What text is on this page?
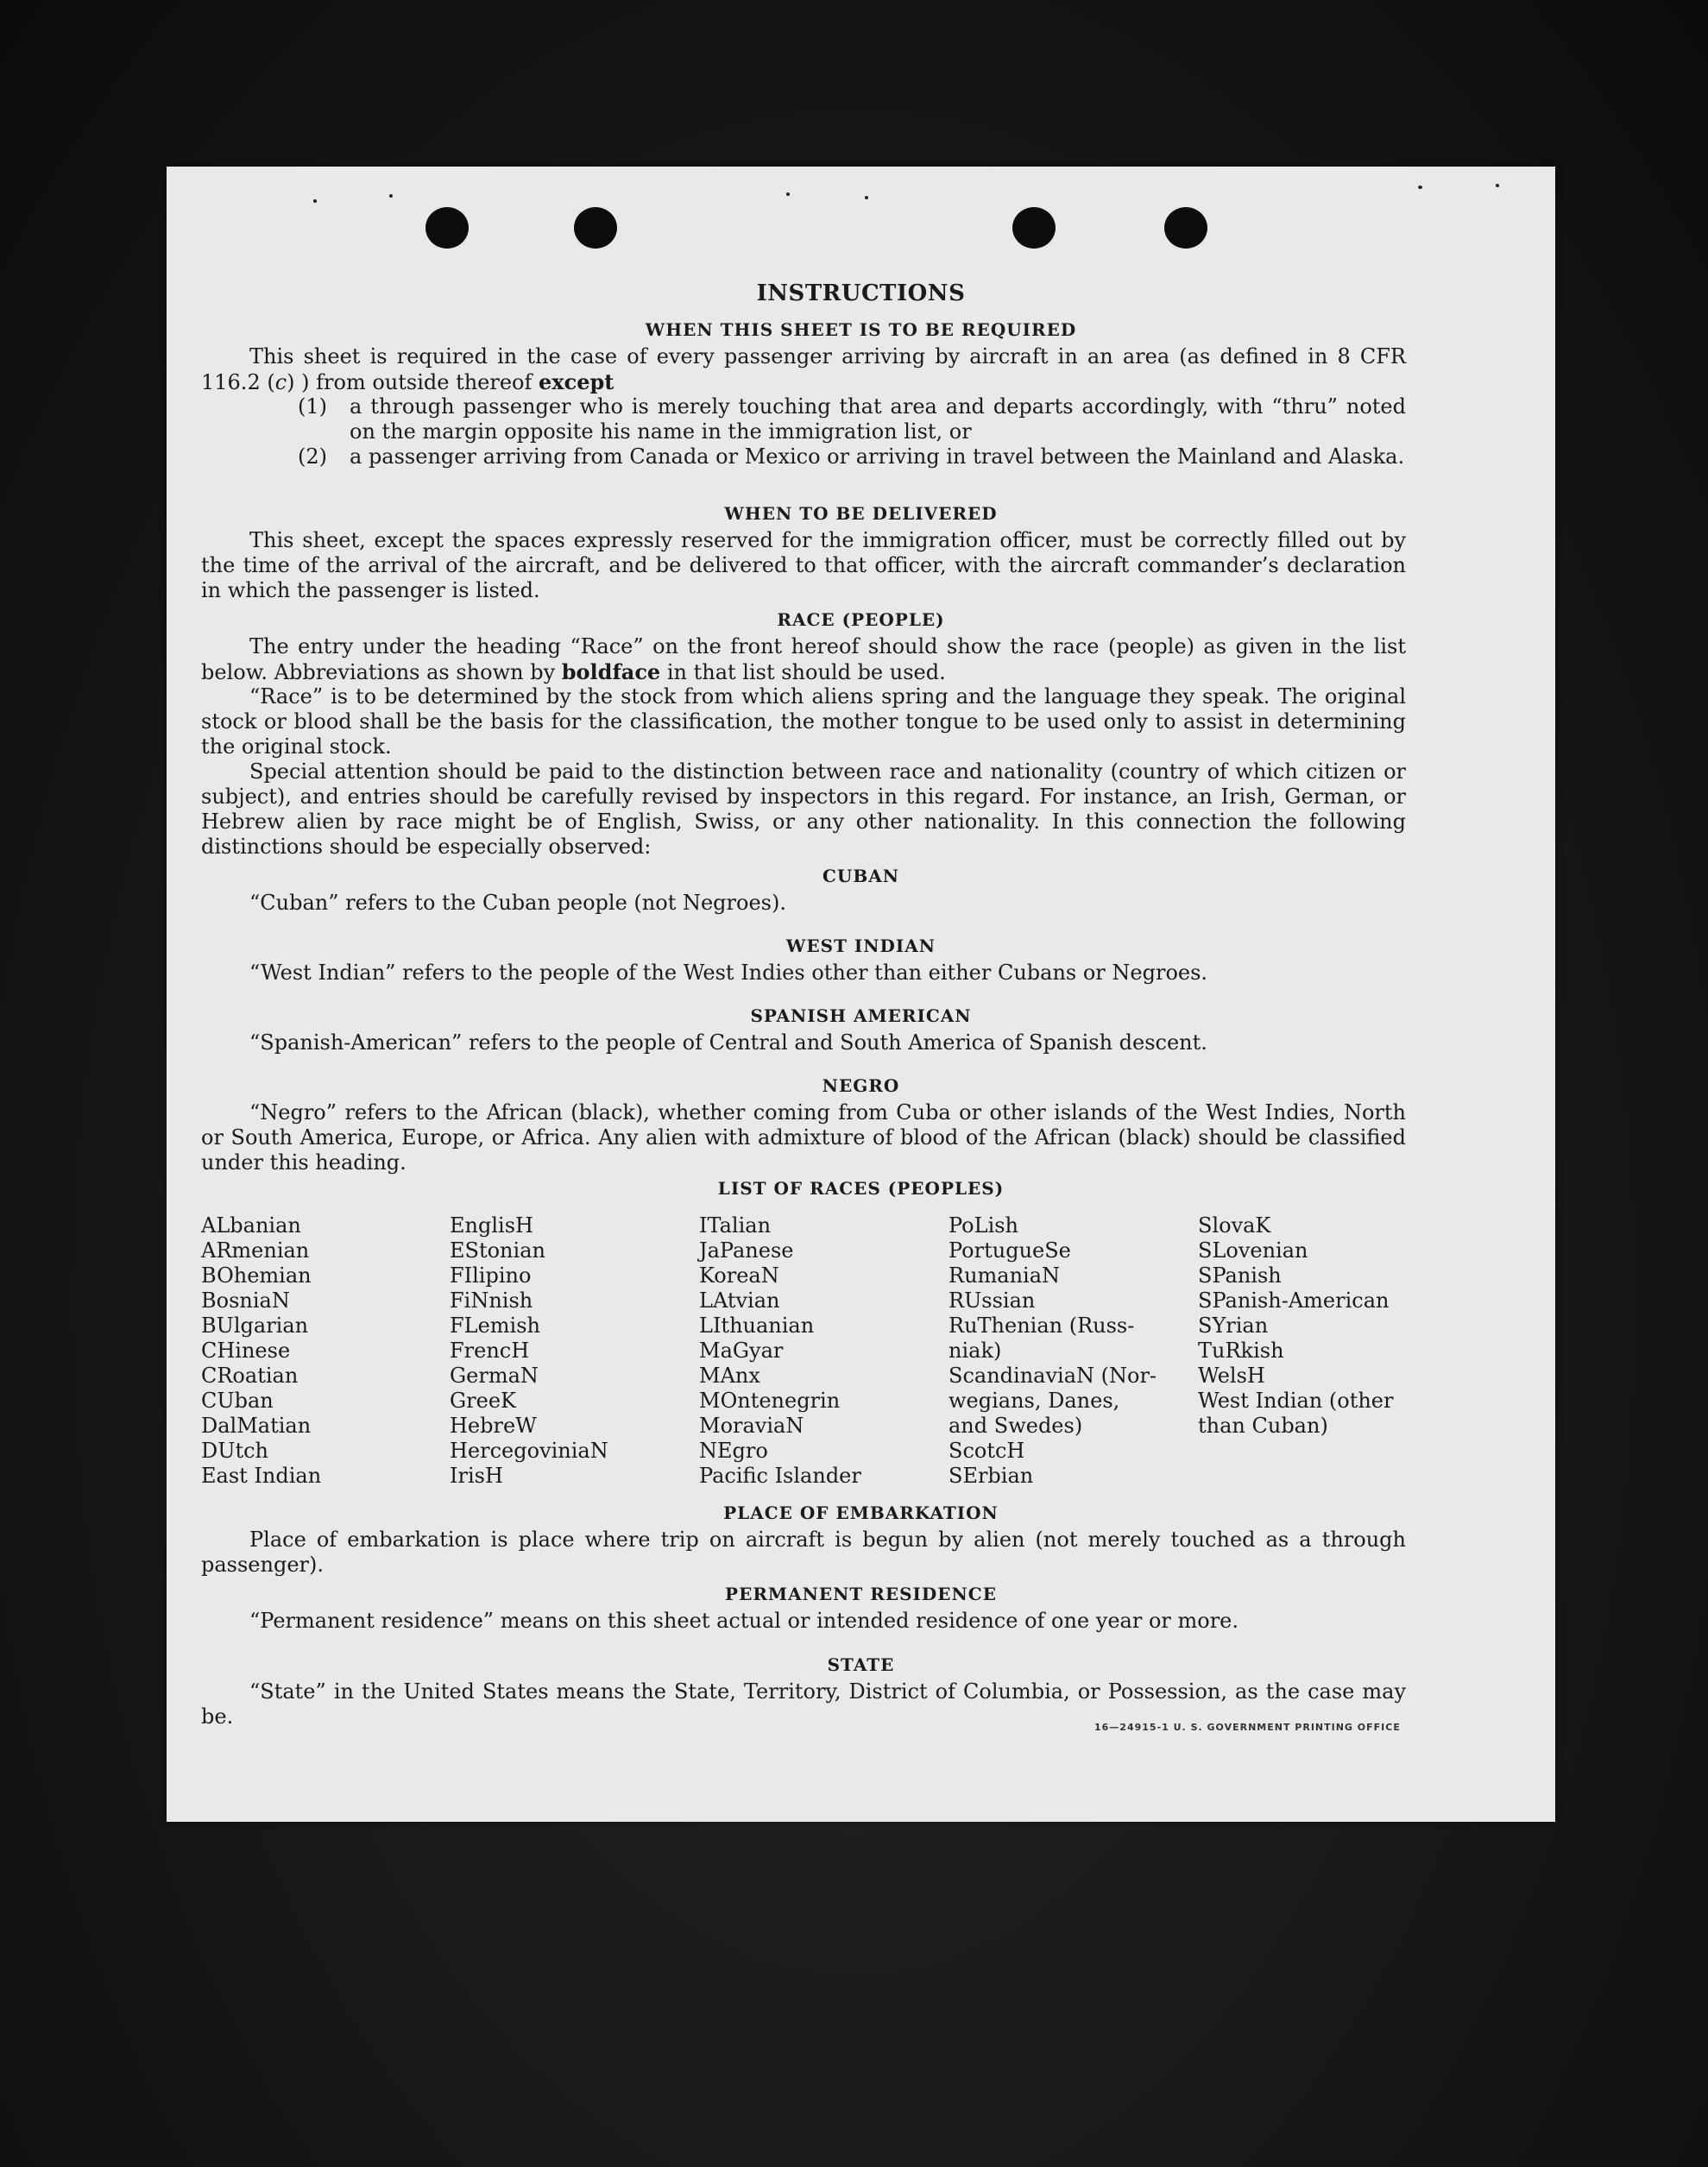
INSTRUCTIONS
WHEN THIS SHEET IS TO BE REQUIRED

This sheet is required in the case of every passenger arriving by aircraft in an area (as defined in 8 CFR 116.2 (c) ) from outside thereof except

(1) a through passenger who is merely touching that area and departs accordingly, with “thru” noted on the margin opposite his name in the immigration list, or
(2) a passenger arriving from Canada or Mexico or arriving in travel between the Mainland and Alaska.
WHEN TO BE DELIVERED

This sheet, except the spaces expressly reserved for the immigration officer, must be correctly filled out by the time of the arrival of the aircraft, and be delivered to that officer, with the aircraft commander’s declaration in which the passenger is listed.

RACE (PEOPLE)

The entry under the heading “Race” on the front hereof should show the race (people) as given in the list below. Abbreviations as shown by boldface in that list should be used.

“Race” is to be determined by the stock from which aliens spring and the language they speak. The original stock or blood shall be the basis for the classification, the mother tongue to be used only to assist in determining the original stock.

Special attention should be paid to the distinction between race and nationality (country of which citizen or subject), and entries should be carefully revised by inspectors in this regard. For instance, an Irish, German, or Hebrew alien by race might be of English, Swiss, or any other nationality. In this connection the following distinctions should be especially observed:

CUBAN

“Cuban” refers to the Cuban people (not Negroes).

WEST INDIAN

“West Indian” refers to the people of the West Indies other than either Cubans or Negroes.

SPANISH AMERICAN

“Spanish-American” refers to the people of Central and South America of Spanish descent.

NEGRO

“Negro” refers to the African (black), whether coming from Cuba or other islands of the West Indies, North or South America, Europe, or Africa. Any alien with admixture of blood of the African (black) should be classified under this heading.

LIST OF RACES (PEOPLES)
ALbanian
ARmenian
BOhemian
BosniaN
BUlgarian
CHinese
CRoatian
CUban
DalMatian
DUtch
East Indian
EnglisH
EStonian
FIlipino
FiNnish
FLemish
FrencH
GermaN
GreeK
HebreW
HercegoviniaN
IrisH
ITalian
JaPanese
KoreaN
LAtvian
LIthuanian
MaGyar
MAnx
MOntenegrin
MoraviaN
NEgro
Pacific Islander
PoLish
PortugueSe
RumaniaN
RUssian
RuThenian (Russ-
niak)
ScandinaviaN (Nor-
wegians, Danes,
and Swedes)
ScotcH
SErbian
SlovaK
SLovenian
SPanish
SPanish-American
SYrian
TuRkish
WelsH
West Indian (other
than Cuban)
PLACE OF EMBARKATION

Place of embarkation is place where trip on aircraft is begun by alien (not merely touched as a through passenger).

PERMANENT RESIDENCE

“Permanent residence” means on this sheet actual or intended residence of one year or more.

STATE

“State” in the United States means the State, Territory, District of Columbia, or Possession, as the case may be.	16—24915-1 U. S. GOVERNMENT PRINTING OFFICE
